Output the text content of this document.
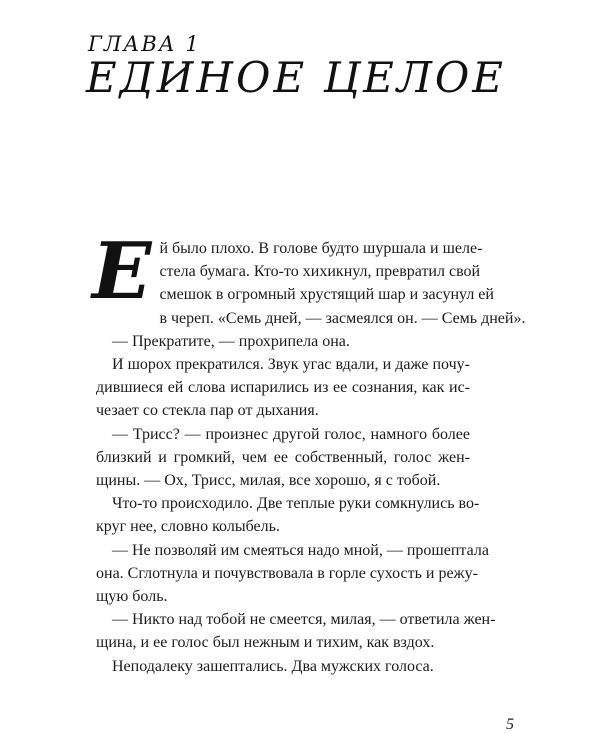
ГЛАВА 1
ЕДИНОЕ ЦЕЛОЕ
Е й было плохо. В голове будто шуршала и шеле-
стела бумага. Кто-то хихикнул, превратил свой
смешок в огромный хрустящий шар и засунул ей
в череп. «Семь дней, — засмеялся он. — Семь дней».
— Прекратите, — прохрипела она.
И шорох прекратился. Звук угас вдали, и даже почу-
дившиеся ей слова испарились из ее сознания, как ис-
чезает со стекла пар от дыхания.
— Трисс? — произнес другой голос, намного более
близкий и громкий, чем ее собственный, голос жен-
щины. — Ох, Трисс, милая, все хорошо, я с тобой.
Что-то происходило. Две теплые руки сомкнулись во-
круг нее, словно колыбель.
— Не позволяй им смеяться надо мной, — прошептала
она. Сглотнула и почувствовала в горле сухость и режу-
щую боль.
— Никто над тобой не смеется, милая, — ответила жен-
щина, и ее голос был нежным и тихим, как вздох.
Неподалеку зашептались. Два мужских голоса.
5
